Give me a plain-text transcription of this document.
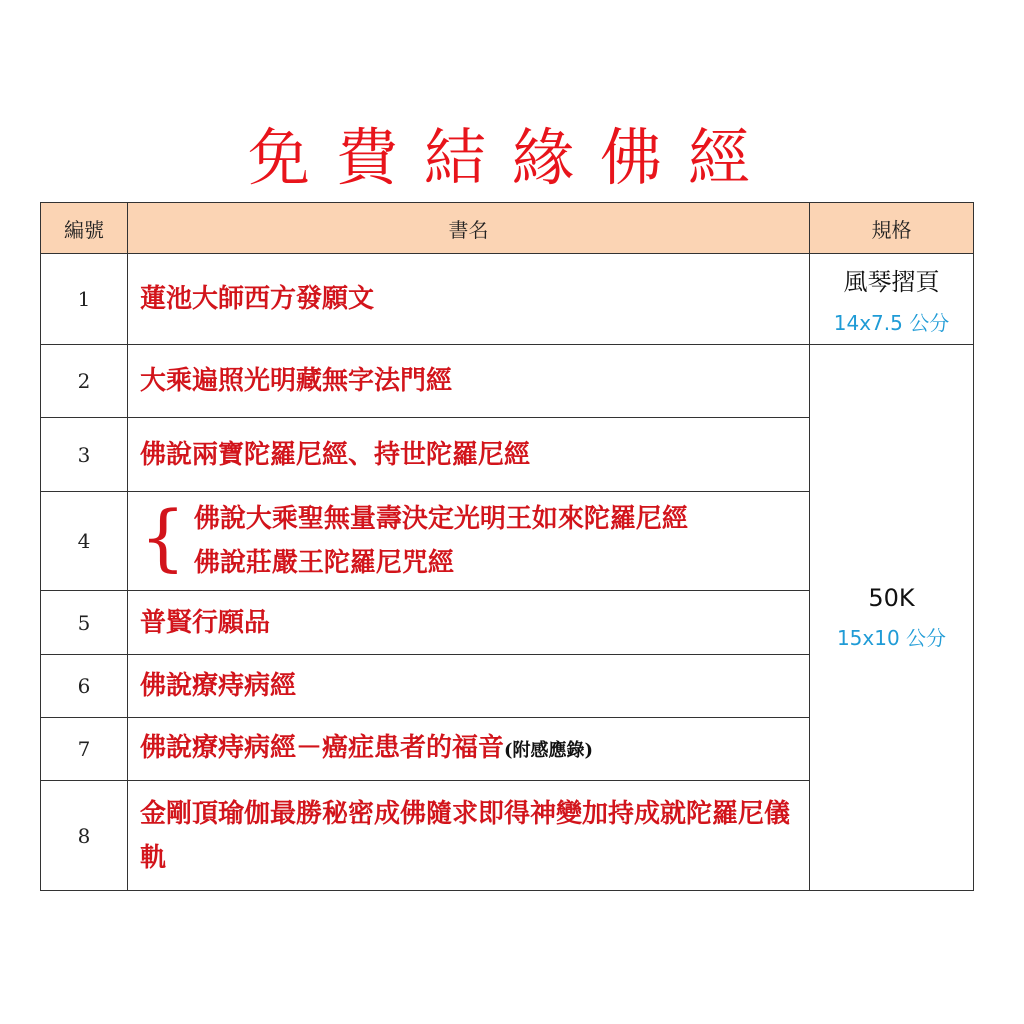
免費結緣佛經
編號	書名	規格
1	蓮池大師西方發願文	風琴摺頁
14x7.5 公分

2	大乘遍照光明藏無字法門經	50K
15x10 公分

3	佛說兩寶陀羅尼經、持世陀羅尼經	
4	{ 佛說大乘聖無量壽決定光明王如來陀羅尼經
佛說莊嚴王陀羅尼咒經	

5	普賢行願品	
6	佛說療痔病經	
7	佛說療痔病經－癌症患者的福音(附感應錄)	
8	金剛頂瑜伽最勝秘密成佛隨求即得神變加持成就陀羅尼儀軌	
